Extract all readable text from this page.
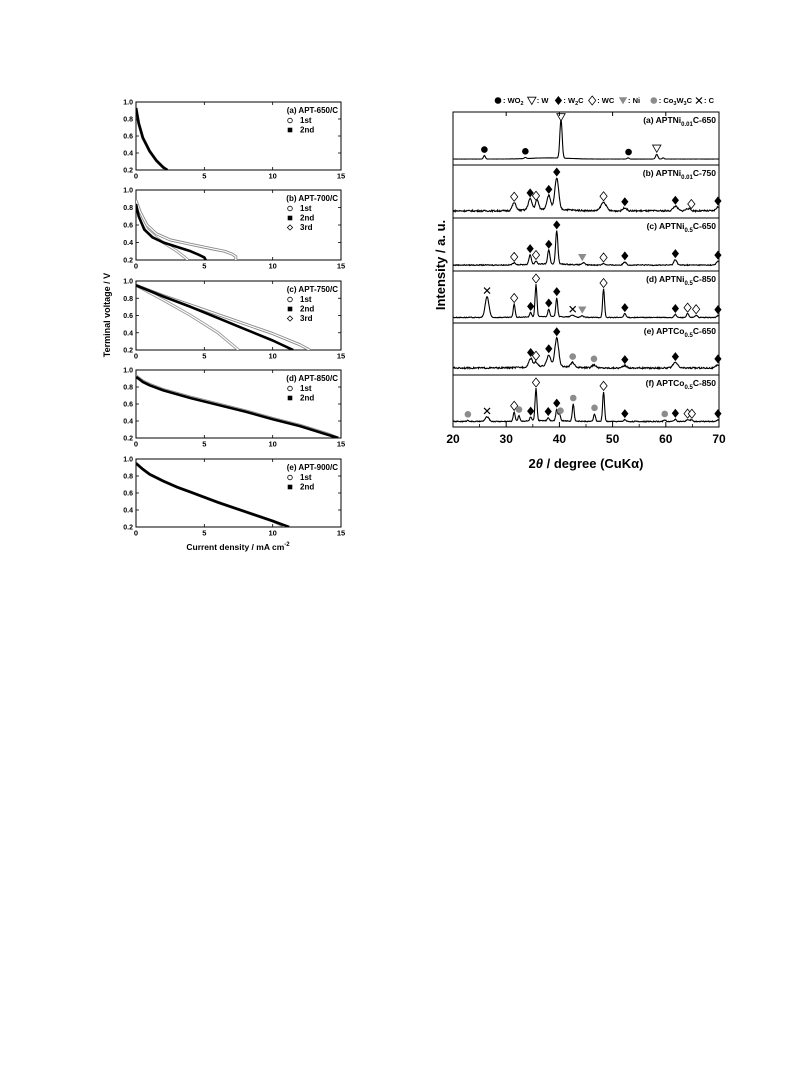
0.2
0.4
0.6
0.8
1.0
0	5	10	15
(a) APT-650/C
1st
2nd
0.2
0.4
0.6
0.8
1.0
0	5	10	15
(b) APT-700/C
1st
2nd
3rd
0.2
0.4
0.6
0.8
1.0
0	5	10	15
(c) APT-750/C
1st
2nd
3rd
0.2
0.4
0.6
0.8
1.0
0	5	10	15
(d) APT-850/C
1st
2nd
0.2
0.4
0.6
0.8
1.0
0	5	10	15
(e) APT-900/C
1st
2nd
Terminal voltage / V
Current density / mA $cm^{-2}$
(a) APTNi$_{0.01}$C-650
(b) APTNi$_{0.01}$C-750
(c) APTNi$_{0.5}$C-650
(d) APTNi$_{0.5}$C-850
(e) APTCo$_{0.5}$C-650
(f) APTCo$_{0.5}$C-850
20	30	40	50	60	70
Intensity / a. u.
2θ / degree (CuKα)
: $WO_2$ : W : $W_2C$ : WC : Ni : $Co_3W_3C$ : C
